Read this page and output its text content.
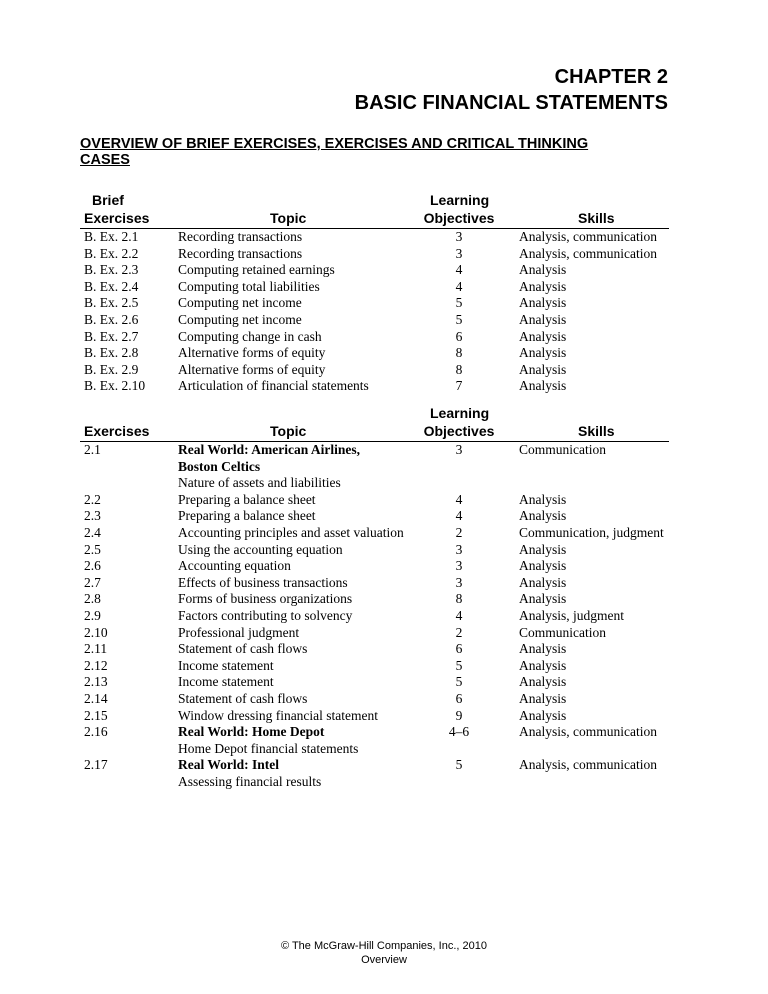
CHAPTER 2
BASIC FINANCIAL STATEMENTS
OVERVIEW OF BRIEF EXERCISES, EXERCISES AND CRITICAL THINKING CASES
Brief
Exercises	Topic
Learning
Objectives	Skills
B. Ex. 2.1	Recording transactions	3	Analysis, communication
B. Ex. 2.2	Recording transactions	3	Analysis, communication
B. Ex. 2.3	Computing retained earnings	4	Analysis
B. Ex. 2.4	Computing total liabilities	4	Analysis
B. Ex. 2.5	Computing net income	5	Analysis
B. Ex. 2.6	Computing net income	5	Analysis
B. Ex. 2.7	Computing change in cash	6	Analysis
B. Ex. 2.8	Alternative forms of equity	8	Analysis
B. Ex. 2.9	Alternative forms of equity	8	Analysis
B. Ex. 2.10 Articulation of financial statements	7	Analysis
Exercises	Topic
Learning
Objectives	Skills
2.1	Real World: American Airlines,	3	Communication
Boston Celtics
Nature of assets and liabilities
2.2	Preparing a balance sheet	4	Analysis
2.3	Preparing a balance sheet	4	Analysis
2.4	Accounting principles and asset valuation	2	Communication, judgment
2.5	Using the accounting equation	3	Analysis
2.6	Accounting equation	3	Analysis
2.7	Effects of business transactions	3	Analysis
2.8	Forms of business organizations	8	Analysis
2.9	Factors contributing to solvency	4	Analysis, judgment
2.10	Professional judgment	2	Communication
2.11	Statement of cash flows	6	Analysis
2.12	Income statement	5	Analysis
2.13	Income statement	5	Analysis
2.14	Statement of cash flows	6	Analysis
2.15	Window dressing financial statement	9	Analysis
2.16	Real World: Home Depot	4–6	Analysis, communication
Home Depot financial statements
2.17	Real World: Intel	5	Analysis, communication
Assessing financial results
© The McGraw-Hill Companies, Inc., 2010
Overview
